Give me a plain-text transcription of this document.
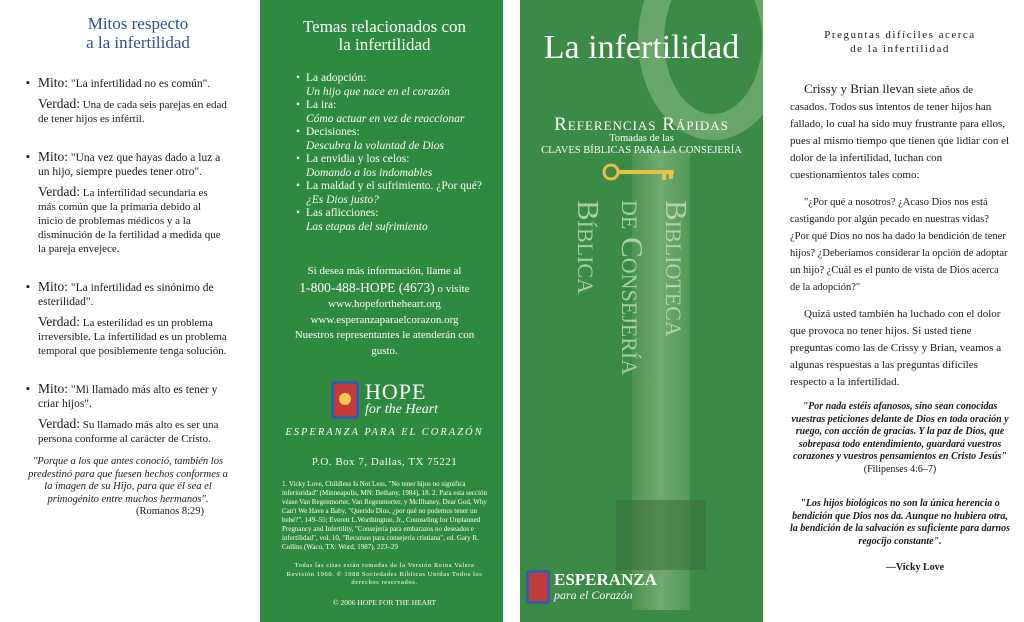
Mitos respecto
a la infertilidad
▪ Mito: "La infertilidad no es común".
Verdad: Una de cada seis parejas en edad de tener hijos es infértil.
▪ Mito: "Una vez que hayas dado a luz a un hijo, siempre puedes tener otro".
Verdad: La infertilidad secundaria es más común que la primaria debido al inicio de problemas médicos y a la disminución de la fertilidad a medida que la pareja envejece.
▪ Mito: "La infertilidad es sinónimo de esterilidad".
Verdad: La esterilidad es un problema irreversible. La infertilidad es un problema temporal que posiblemente tenga solución.
▪ Mito: "Mi llamado más alto es tener y criar hijos".
Verdad: Su llamado más alto es ser una persona conforme al carácter de Cristo.
"Porque a los que antes conoció, también los predestinó para que fuesen hechos conformes a la imagen de su Hijo, para que él sea el primogénito entre muchos hermanos".
(Romanos 8:29)
Temas relacionados con
la infertilidad
• La adopción:
Un hijo que nace en el corazón
• La ira:
Cómo actuar en vez de reaccionar
• Decisiones:
Descubra la voluntad de Dios
• La envidia y los celos:
Domando a los indomables
• La maldad y el sufrimiento. ¿Por qué?
¿Es Dios justo?
• Las aflicciones:
Las etapas del sufrimiento
Si desea más información, llame al
1-800-488-HOPE (4673) o visite
www.hopefortheheart.org
www.esperanzaparaelcorazon.org
Nuestros representantes le atenderán con gusto.
HOPE
for the Heart
ESPERANZA PARA EL CORAZÓN
P.O. Box 7, Dallas, TX 75221
1. Vicky Love, Childless Is Not Less, "No tener hijos no significa inferioridad" (Minneapolis, MN: Bethany, 1984), 18. 2. Para esta sección véase Van Regenmorter, Van Regenmorter, y McIlhaney, Dear God, Why Can't We Have a Baby, "Querido Dios, ¿por qué no podemos tener un bebé?", 149–55; Everett L.Worthington, Jr., Counseling for Unplanned Pregnancy and Infertility, "Consejería para embarazos no deseados e infertilidad", vol. 10, "Recursos para consejería cristiana", ed. Gary R. Collins (Waco, TX: Word, 1987), 223–29
Todas las citas están tomadas de la Versión Reina Valera Revisión 1960. © 1988 Sociedades Bíblicas Unidas Todos los derechos reservados.
© 2006 HOPE FOR THE HEART
La infertilidad
Referencias Rápidas
Tomadas de las
CLAVES BÍBLICAS PARA LA CONSEJERÍA
Biblioteca
de Consejería
Bíblica
ESPERANZA
para el Corazón
Preguntas difíciles acerca
de la infertilidad

Crissy y Brian llevan siete años de casados. Todos sus intentos de tener hijos han fallado, lo cual ha sido muy frustrante para ellos, pues al mismo tiempo que tienen que lidiar con el dolor de la infertilidad, luchan con cuestionamientos tales como:

"¿Por qué a nosotros? ¿Acaso Dios nos está castigando por algún pecado en nuestras vidas? ¿Por qué Dios no nos ha dado la bendición de tener hijos? ¿Deberíamos considerar la opción de adoptar un hijo? ¿Cuál es el punto de vista de Dios acerca de la adopción?"

Quizá usted también ha luchado con el dolor que provoca no tener hijos. Si usted tiene preguntas como las de Crissy y Brian, veamos a algunas respuestas a las preguntas difíciles respecto a la infertilidad.

"Por nada estéis afanosos, sino sean conocidas vuestras peticiones delante de Dios en toda oración y ruego, con acción de gracias. Y la paz de Dios, que sobrepasa todo entendimiento, guardará vuestros corazones y vuestros pensamientos en Cristo Jesús"
(Filipenses 4:6–7)
"Los hijos biológicos no son la única herencia o bendición que Dios nos da. Aunque no hubiera otra, la bendición de la salvación es suficiente para darnos regocijo constante".
—Vicky Love
